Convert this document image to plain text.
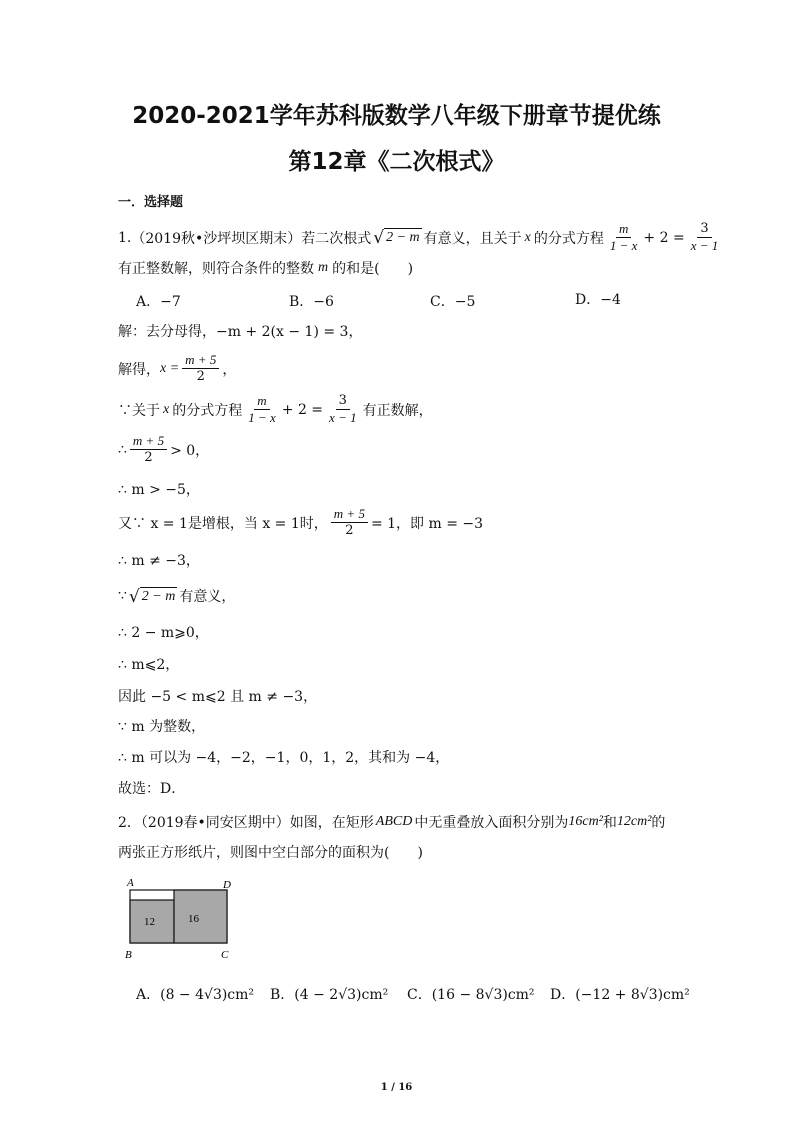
2020-2021学年苏科版数学八年级下册章节提优练
第12章《二次根式》
一．选择题
1. （2019秋•沙坪坝区期末）若二次根式 √ 2 − m 有意义，且关于 x 的分式方程 $\frac{m}{1 - x} + 2 = \frac{3}{x - 1}$
有正整数解，则符合条件的整数 m 的和是(　　)
A．−7	B．−6	C．−5	D．−4
解：去分母得，−m + 2(x − 1) = 3，
解得， $x = \frac{m + 5}{2}$ ，
∵关于 x 的分式方程 $\frac{m}{1 - x} + 2 = \frac{3}{x - 1}$ 有正数解，
∴ $\frac{m + 5}{2} > 0$，
∴ m > −5，
又∵ x = 1是增根，当 x = 1时， $\frac{m + 5}{2} = 1$，即 m = −3
∴ m ≠ −3，
∵ √ 2 − m 有意义，
∴ 2 − m⩾0，
∴ m⩽2，
因此 −5 < m⩽2 且 m ≠ −3，
∵ m 为整数，
∴ m 可以为 −4，−2，−1，0，1，2，其和为 −4，
故选：D．
2．（2019春•同安区期中）如图，在矩形 ABCD 中无重叠放入面积分别为 16cm² 和 12cm² 的
两张正方形纸片，则图中空白部分的面积为(　　)
A	D
B	C
12	16
A．(8 − 4√3)cm² B．(4 − 2√3)cm² C．(16 − 8√3)cm² D．(−12 + 8√3)cm²
1 / 16
